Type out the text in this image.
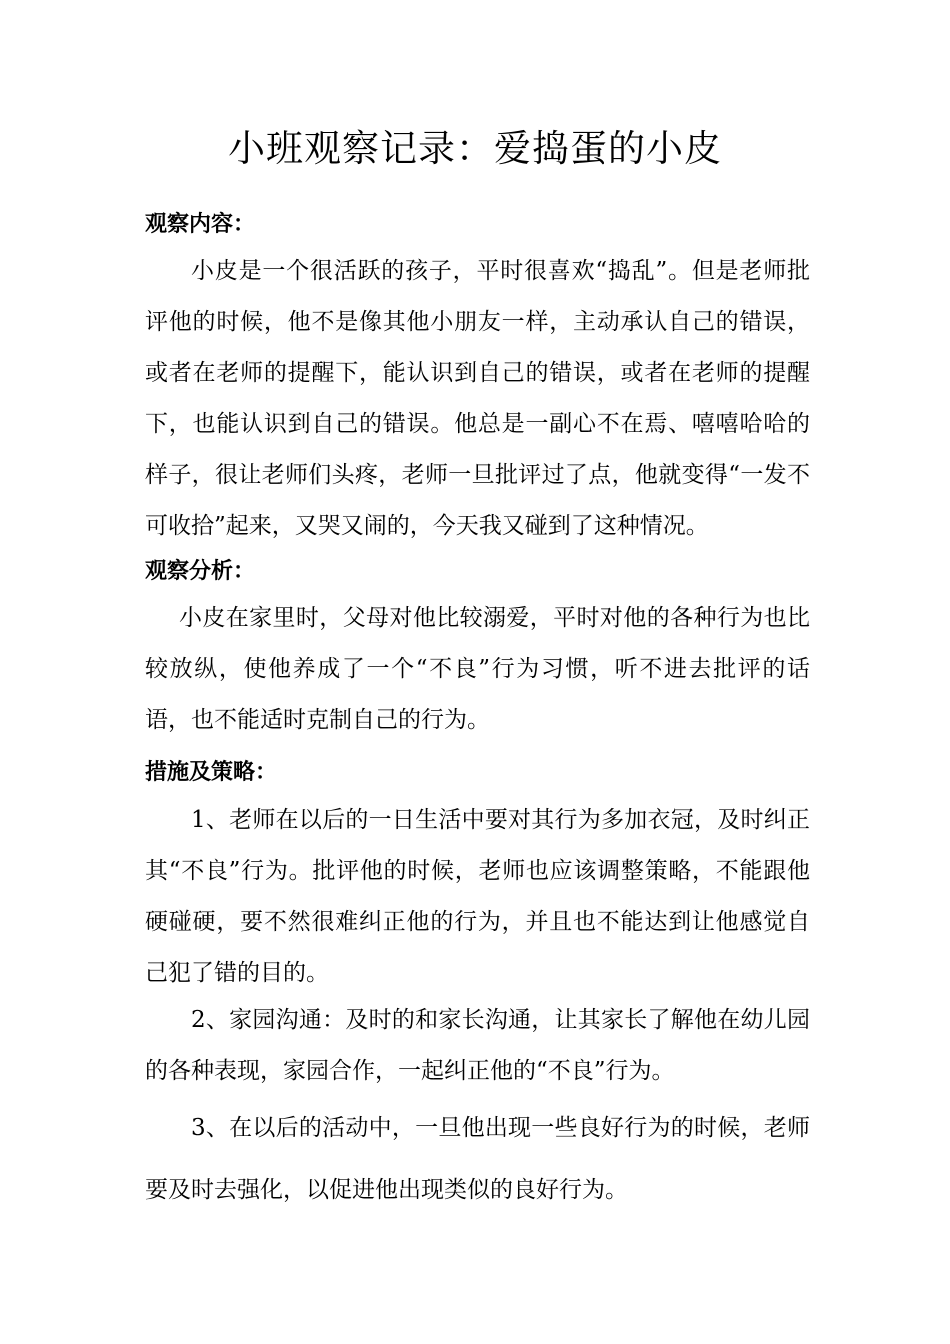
小班观察记录：爱捣蛋的小皮
观察内容：
小皮是一个很活跃的孩子，平时很喜欢“捣乱”。但是老师批评他的时候，他不是像其他小朋友一样，主动承认自己的错误，或者在老师的提醒下，能认识到自己的错误，或者在老师的提醒下，也能认识到自己的错误。他总是一副心不在焉、嘻嘻哈哈的样子，很让老师们头疼，老师一旦批评过了点，他就变得“一发不可收拾”起来，又哭又闹的，今天我又碰到了这种情况。
观察分析：
小皮在家里时，父母对他比较溺爱，平时对他的各种行为也比较放纵，使他养成了一个“不良”行为习惯，听不进去批评的话语，也不能适时克制自己的行为。
措施及策略：
1、老师在以后的一日生活中要对其行为多加衣冠，及时纠正其“不良”行为。批评他的时候，老师也应该调整策略，不能跟他硬碰硬，要不然很难纠正他的行为，并且也不能达到让他感觉自己犯了错的目的。
2、家园沟通：及时的和家长沟通，让其家长了解他在幼儿园的各种表现，家园合作，一起纠正他的“不良”行为。
3、在以后的活动中，一旦他出现一些良好行为的时候，老师要及时去强化，以促进他出现类似的良好行为。
